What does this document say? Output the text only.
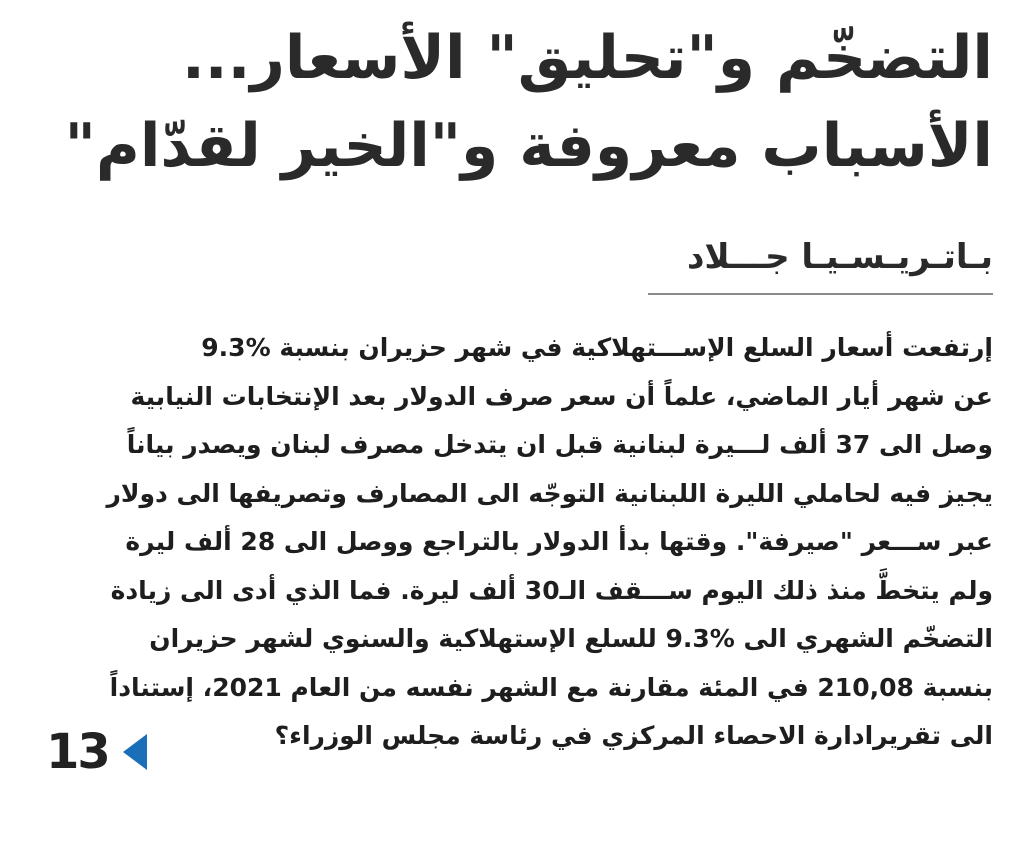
التضخّم و"تحليق" الأسعار...
الأسباب معروفة و"الخير لقدّام"
بـاتـريـسـيـا جـــلاد
إرتفعت أسعار السلع الإســـتهلاكية في شهر حزيران بنسبة %9.3
عن شهر أيار الماضي، علماً أن سعر صرف الدولار بعد الإنتخابات النيابية
وصل الى 37 ألف لـــيرة لبنانية قبل ان يتدخل مصرف لبنان ويصدر بياناً
يجيز فيه لحاملي الليرة اللبنانية التوجّه الى المصارف وتصريفها الى دولار
عبر ســـعر "صيرفة". وقتها بدأ الدولار بالتراجع ووصل الى 28 ألف ليرة
ولم يتخطَّ منذ ذلك اليوم ســـقف الـ30 ألف ليرة. فما الذي أدى الى زيادة
التضخّم الشهري الى %9.3 للسلع الإستهلاكية والسنوي لشهر حزيران
بنسبة 210,08 في المئة مقارنة مع الشهر نفسه من العام 2021، إستناداً
الى تقريرادارة الاحصاء المركزي في رئاسة مجلس الوزراء؟
13
